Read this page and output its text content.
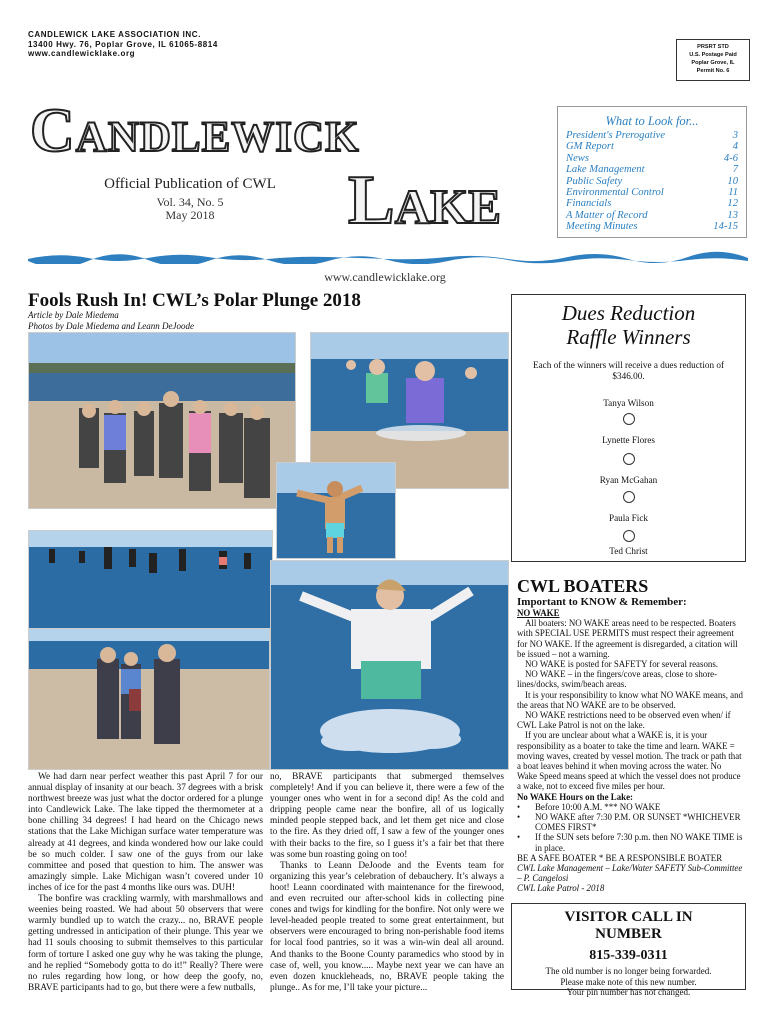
CANDLEWICK LAKE ASSOCIATION INC.
13400 Hwy. 76, Poplar Grove, IL 61065-8814
www.candlewicklake.org
PRSRT STD
U.S. Postage Paid
Poplar Grove, IL
Permit No. 6
Candlewick
Lake
Official Publication of CWL
Vol. 34, No. 5
May 2018
What to Look for...
President's Prerogative	3
GM Report	4
News	4-6
Lake Management	7
Public Safety	10
Environmental Control	11
Financials	12
A Matter of Record	13
Meeting Minutes	14-15
www.candlewicklake.org
Fools Rush In! CWL’s Polar Plunge 2018
Article by Dale Miedema
Photos by Dale Miedema and Leann DeJoode

We had darn near perfect weather this past April 7 for our annual display of insanity at our beach. 37 degrees with a brisk northwest breeze was just what the doctor ordered for a plunge into Candlewick Lake. The lake tipped the thermometer at a bone chilling 34 degrees! I had heard on the Chicago news stations that the Lake Michigan surface water temperature was already at 41 degrees, and kinda wondered how our lake could be so much colder. I saw one of the guys from our lake committee and posed that question to him. The answer was amazingly simple. Lake Michigan wasn’t covered under 10 inches of ice for the past 4 months like ours was. DUH!

The bonfire was crackling warmly, with marshmallows and weenies being roasted. We had about 50 observers that were warmly bundled up to watch the crazy... no, BRAVE people getting undressed in anticipation of their plunge. This year we had 11 souls choosing to submit themselves to this particular form of torture I asked one guy why he was taking the plunge, and he replied “Somebody gotta to do it!” Really? There were no rules regarding how long, or how deep the goofy, no, BRAVE participants had to go, but there were a few nutballs,

no, BRAVE participants that submerged themselves completely! And if you can believe it, there were a few of the younger ones who went in for a second dip! As the cold and dripping people came near the bonfire, all of us logically minded people stepped back, and let them get nice and close to the fire. As they dried off, I saw a few of the younger ones with their backs to the fire, so I guess it’s a fair bet that there was some bun roasting going on too!

Thanks to Leann DeJoode and the Events team for organizing this year’s celebration of debauchery. It’s always a hoot! Leann coordinated with maintenance for the firewood, and even recruited our after-school kids in collecting pine cones and twigs for kindling for the bonfire. Not only were we level-headed people treated to some great entertainment, but observers were encouraged to bring non-perishable food items for local food pantries, so it was a win-win deal all around. And thanks to the Boone County paramedics who stood by in case of, well, you know..... Maybe next year we can have an even dozen knuckleheads, no, BRAVE people taking the plunge.. As for me, I’ll take your picture...

Dues Reduction
Raffle Winners
Each of the winners will receive a dues reduction of $346.00.
Tanya Wilson
Lynette Flores
Ryan McGahan
Paula Fick
Ted Christ
CWL BOATERS
Important to KNOW & Remember:
NO WAKE
All boaters: NO WAKE areas need to be respected. Boaters with SPECIAL USE PERMITS must respect their agreement for NO WAKE. If the agreement is disregarded, a citation will be issued – not a warning.
NO WAKE is posted for SAFETY for several reasons.
NO WAKE – in the fingers/cove areas, close to shore-lines/docks, swim/beach areas.
It is your responsibility to know what NO WAKE means, and the areas that NO WAKE are to be observed.
NO WAKE restrictions need to be observed even when/ if CWL Lake Patrol is not on the lake.
If you are unclear about what a WAKE is, it is your responsibility as a boater to take the time and learn. WAKE = moving waves, created by vessel motion. The track or path that a boat leaves behind it when moving across the water. No Wake Speed means speed at which the vessel does not produce a wake, not to exceed five miles per hour.
No WAKE Hours on the Lake:
• Before 10:00 A.M. *** NO WAKE
• NO WAKE after 7:30 P.M. OR SUNSET *WHICHEVER COMES FIRST*
• If the SUN sets before 7:30 p.m. then NO WAKE TIME is in place.
BE A SAFE BOATER * BE A RESPONSIBLE BOATER
CWL Lake Management – Lake/Water SAFETY Sub-Committee – P. Cangelosi
CWL Lake Patrol - 2018
VISITOR CALL IN
NUMBER
815-339-0311
The old number is no longer being forwarded.
Please make note of this new number.
Your pin number has not changed.
